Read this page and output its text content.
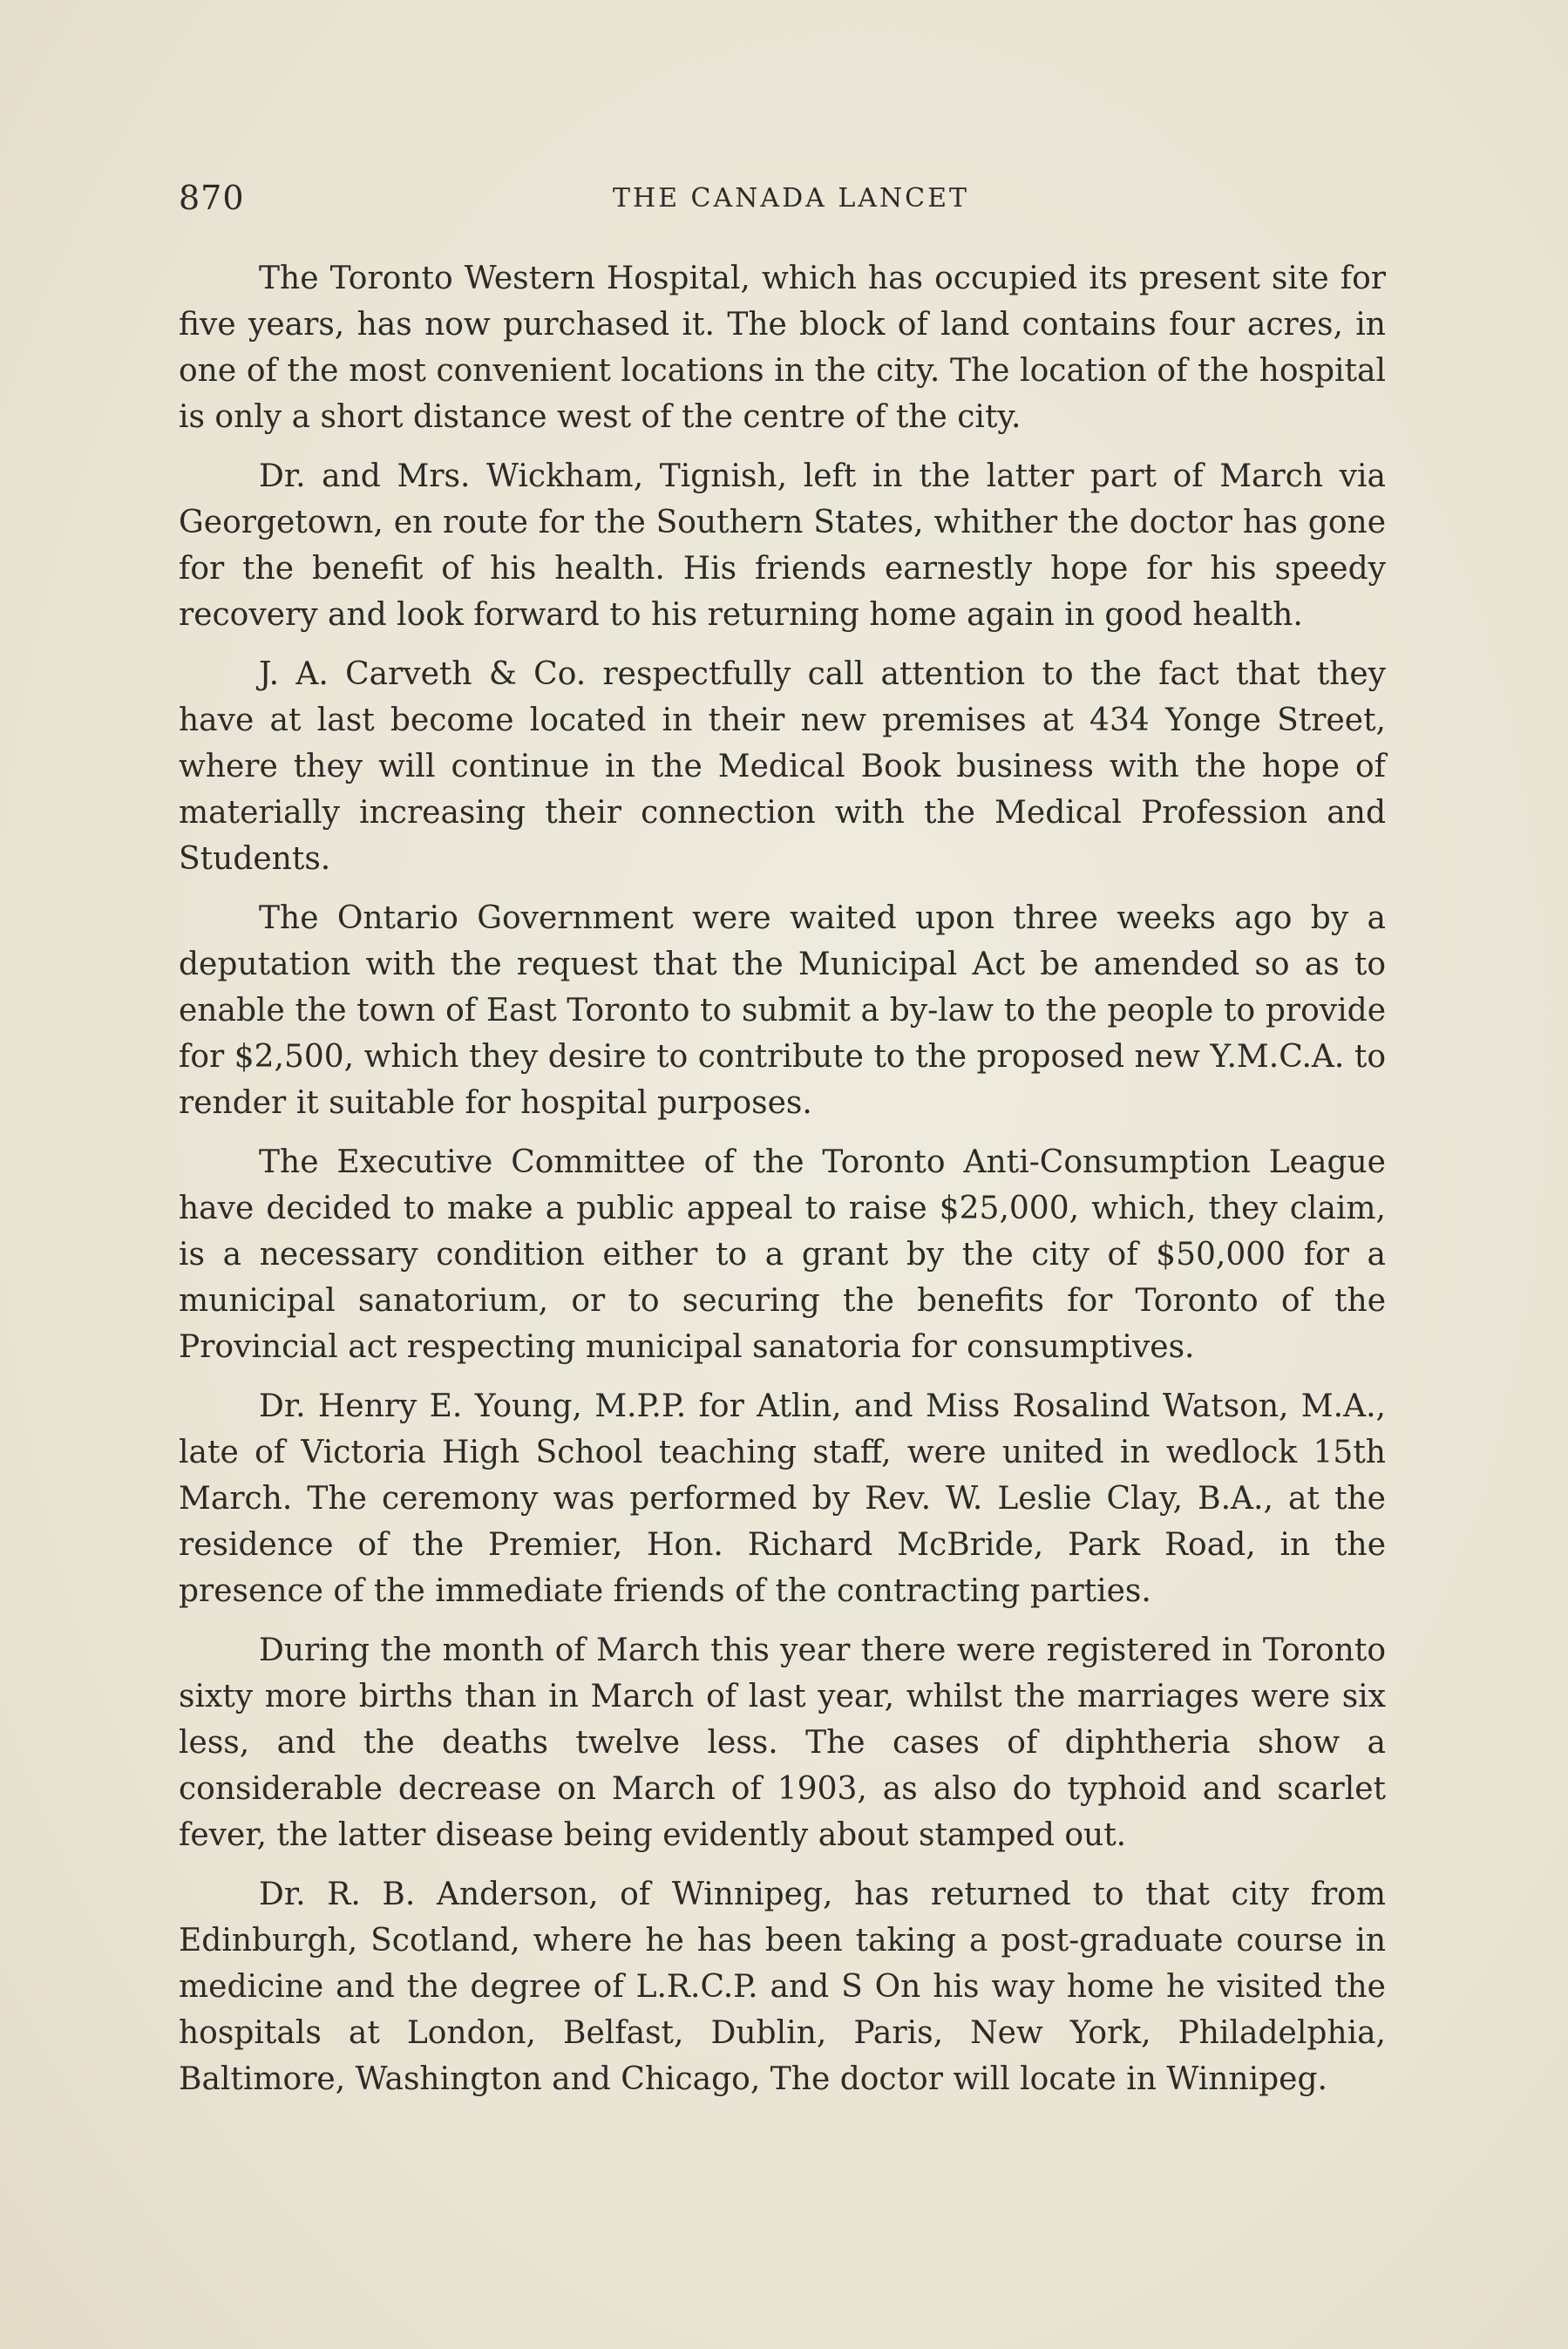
870	THE CANADA LANCET

The Toronto Western Hospital, which has occupied its present site for five years, has now purchased it. The block of land contains four acres, in one of the most convenient locations in the city. The location of the hospital is only a short distance west of the centre of the city.

Dr. and Mrs. Wickham, Tignish, left in the latter part of March via Georgetown, en route for the Southern States, whither the doctor has gone for the benefit of his health. His friends earnestly hope for his speedy recovery and look forward to his returning home again in good health.

J. A. Carveth & Co. respectfully call attention to the fact that they have at last become located in their new premises at 434 Yonge Street, where they will continue in the Medical Book business with the hope of materially increasing their connection with the Medical Profession and Students.

The Ontario Government were waited upon three weeks ago by a deputation with the request that the Municipal Act be amended so as to enable the town of East Toronto to submit a by-law to the people to provide for $2,500, which they desire to contribute to the proposed new Y.M.C.A. to render it suitable for hospital purposes.

The Executive Committee of the Toronto Anti-Consumption League have decided to make a public appeal to raise $25,000, which, they claim, is a necessary condition either to a grant by the city of $50,000 for a municipal sanatorium, or to securing the benefits for Toronto of the Provincial act respecting municipal sanatoria for consumptives.

Dr. Henry E. Young, M.P.P. for Atlin, and Miss Rosalind Watson, M.A., late of Victoria High School teaching staff, were united in wedlock 15th March. The ceremony was performed by Rev. W. Leslie Clay, B.A., at the residence of the Premier, Hon. Richard McBride, Park Road, in the presence of the immediate friends of the contracting parties.

During the month of March this year there were registered in Toronto sixty more births than in March of last year, whilst the marriages were six less, and the deaths twelve less. The cases of diphtheria show a considerable decrease on March of 1903, as also do typhoid and scarlet fever, the latter disease being evidently about stamped out.

Dr. R. B. Anderson, of Winnipeg, has returned to that city from Edinburgh, Scotland, where he has been taking a post-graduate course in medicine and the degree of L.R.C.P. and S On his way home he visited the hospitals at London, Belfast, Dublin, Paris, New York, Philadelphia, Baltimore, Washington and Chicago, The doctor will locate in Winnipeg.
